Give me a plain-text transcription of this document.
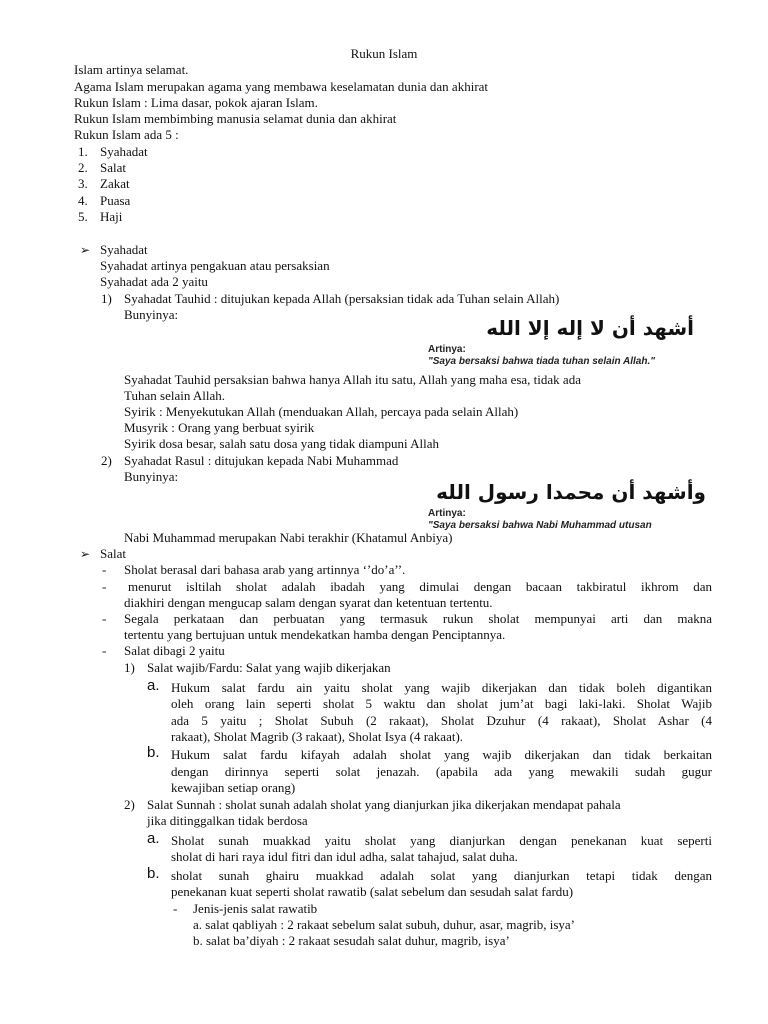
Rukun Islam
Islam artinya selamat.
Agama Islam merupakan agama yang membawa keselamatan dunia dan akhirat
Rukun Islam : Lima dasar, pokok ajaran Islam.
Rukun Islam membimbing manusia selamat dunia dan akhirat
Rukun Islam ada 5 :
1. Syahadat
2. Salat
3. Zakat
4. Puasa
5. Haji
➢ Syahadat
Syahadat artinya pengakuan atau persaksian
Syahadat ada 2 yaitu
1) Syahadat Tauhid : ditujukan kepada Allah (persaksian tidak ada Tuhan selain Allah)
Bunyinya:
أشهد أن لا إله إلا الله
Artinya:
"Saya bersaksi bahwa tiada tuhan selain Allah."
Syahadat Tauhid persaksian bahwa hanya Allah itu satu, Allah yang maha esa, tidak ada
Tuhan selain Allah.
Syirik : Menyekutukan Allah (menduakan Allah, percaya pada selain Allah)
Musyrik : Orang yang berbuat syirik
Syirik dosa besar, salah satu dosa yang tidak diampuni Allah
2) Syahadat Rasul : ditujukan kepada Nabi Muhammad
Bunyinya:
وأشهد أن محمدا رسول الله
Artinya:
"Saya bersaksi bahwa Nabi Muhammad utusan
Nabi Muhammad merupakan Nabi terakhir (Khatamul Anbiya)
➢ Salat
- Sholat berasal dari bahasa arab yang artinnya ‘’do’a’’.
- menurut isltilah sholat adalah ibadah yang dimulai dengan bacaan takbiratul ikhrom dan
diakhiri dengan mengucap salam dengan syarat dan ketentuan tertentu.
- Segala perkataan dan perbuatan yang termasuk rukun sholat mempunyai arti dan makna
tertentu yang bertujuan untuk mendekatkan hamba dengan Penciptannya.
- Salat dibagi 2 yaitu
1) Salat wajib/Fardu: Salat yang wajib dikerjakan
a. Hukum salat fardu ain yaitu sholat yang wajib dikerjakan dan tidak boleh digantikan
oleh orang lain seperti sholat 5 waktu dan sholat jum’at bagi laki-laki. Sholat Wajib
ada 5 yaitu ; Sholat Subuh (2 rakaat), Sholat Dzuhur (4 rakaat), Sholat Ashar (4
rakaat), Sholat Magrib (3 rakaat), Sholat Isya (4 rakaat).
b. Hukum salat fardu kifayah adalah sholat yang wajib dikerjakan dan tidak berkaitan
dengan dirinnya seperti solat jenazah. (apabila ada yang mewakili sudah gugur
kewajiban setiap orang)
2) Salat Sunnah : sholat sunah adalah sholat yang dianjurkan jika dikerjakan mendapat pahala
jika ditinggalkan tidak berdosa
a. Sholat sunah muakkad yaitu sholat yang dianjurkan dengan penekanan kuat seperti
sholat di hari raya idul fitri dan idul adha, salat tahajud, salat duha.
b. sholat sunah ghairu muakkad adalah solat yang dianjurkan tetapi tidak dengan
penekanan kuat seperti sholat rawatib (salat sebelum dan sesudah salat fardu)
- Jenis-jenis salat rawatib
a. salat qabliyah : 2 rakaat sebelum salat subuh, duhur, asar, magrib, isya’
b. salat ba’diyah : 2 rakaat sesudah salat duhur, magrib, isya’
